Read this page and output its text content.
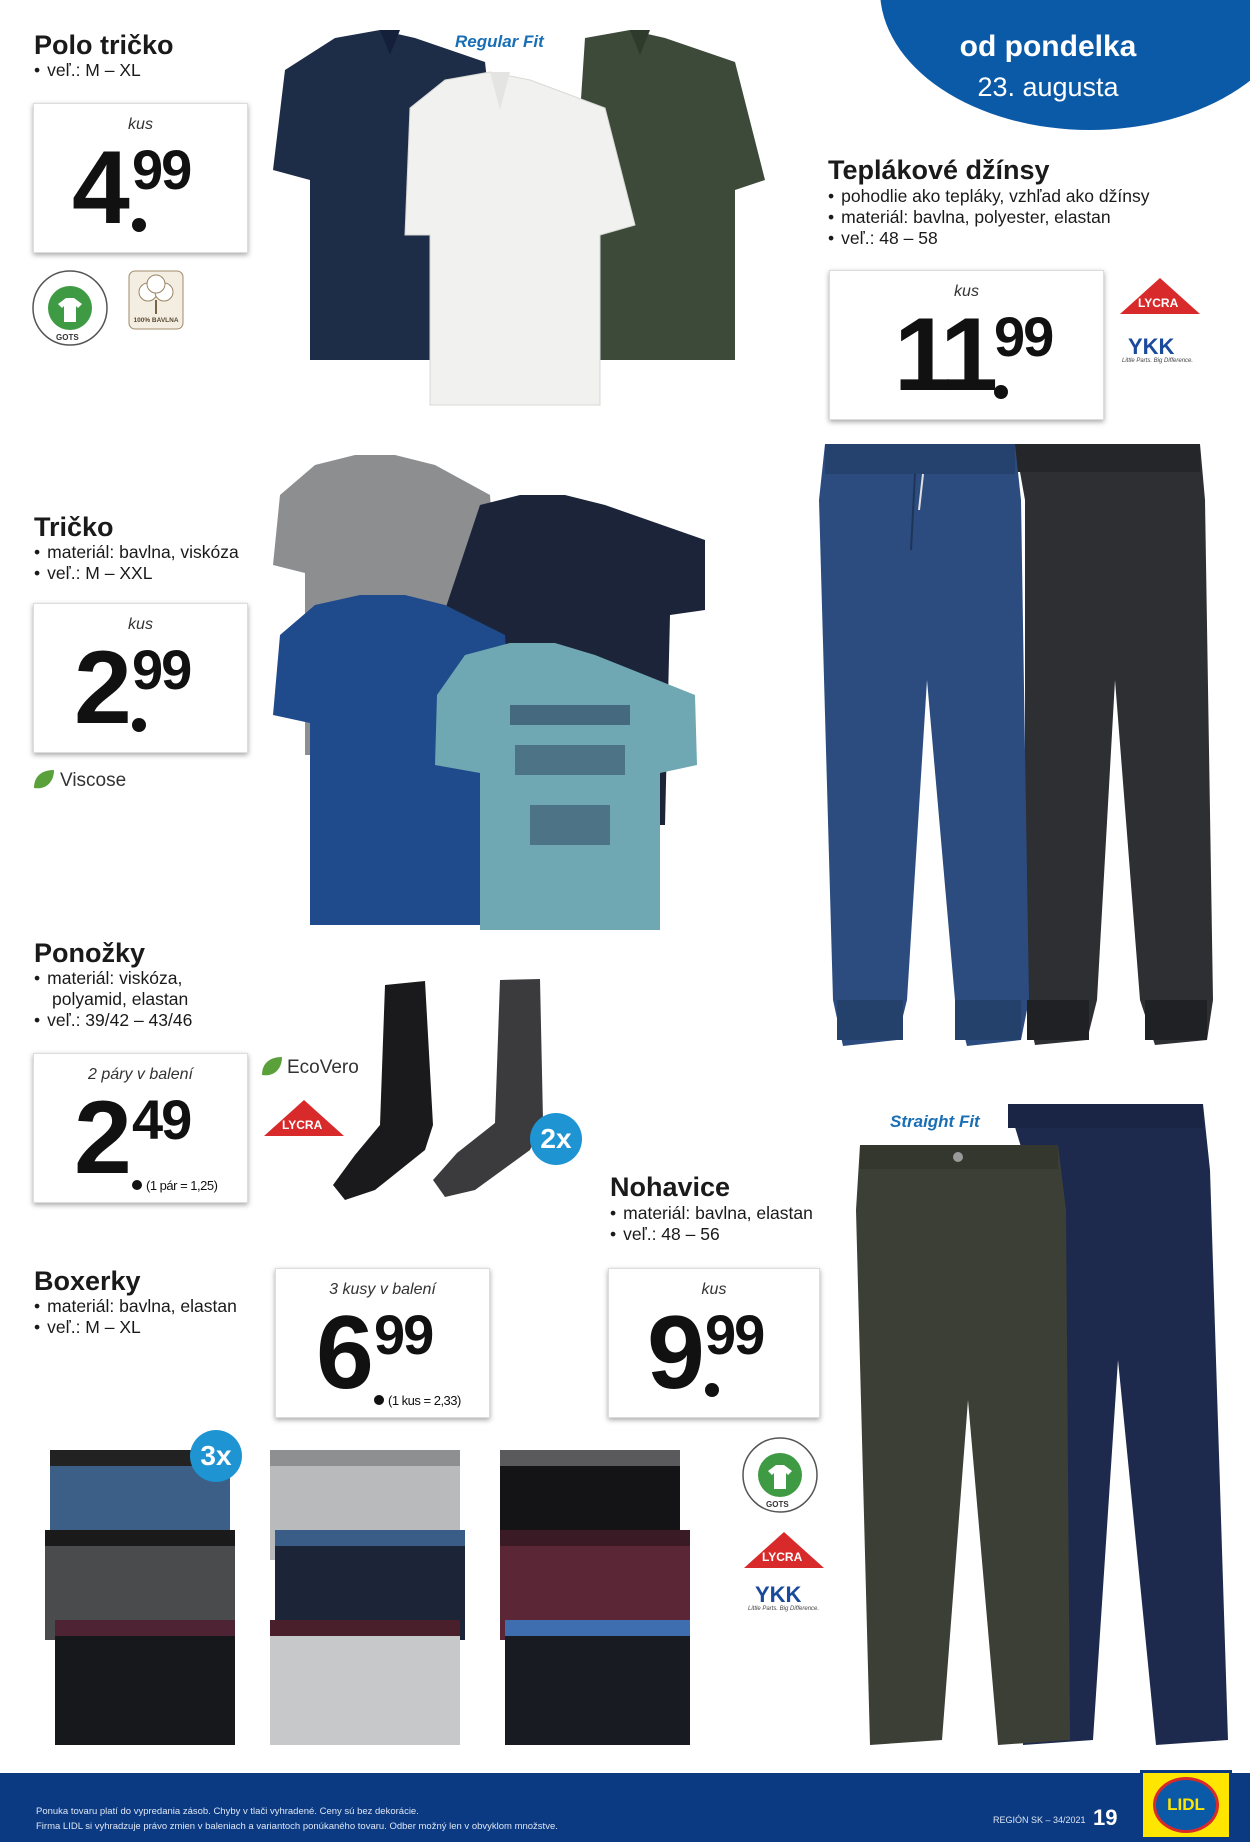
od pondelka
23. augusta
Polo tričko
• veľ.: M – XL
kus
4 99
GOTS
100% BAVLNA
Regular Fit
Teplákové džínsy
• pohodlie ako tepláky, vzhľad ako džínsy
• materiál: bavlna, polyester, elastan
• veľ.: 48 – 58
kus
11 99
LYCRA
YKK
Little Parts. Big Difference.
Tričko
• materiál: bavlna, viskóza
• veľ.: M – XXL
kus
2 99
Viscose
Ponožky
• materiál: viskóza,
polyamid, elastan
• veľ.: 39/42 – 43/46
2 páry v balení
2 49
(1 pár = 1,25)
EcoVero
LYCRA	2x
Straight Fit
Nohavice
• materiál: bavlna, elastan
• veľ.: 48 – 56
kus
9 99
GOTS
LYCRA
YKK
Little Parts. Big Difference.
Boxerky
• materiál: bavlna, elastan
• veľ.: M – XL
3 kusy v balení
6 99
(1 kus = 2,33)
3x
Ponuka tovaru platí do vypredania zásob. Chyby v tlači vyhradené. Ceny sú bez dekorácie.
Firma LIDL si vyhradzuje právo zmien v baleniach a variantoch ponúkaného tovaru. Odber možný len v obvyklom množstve.
REGIÓN SK – 34/2021 19
LIDL
